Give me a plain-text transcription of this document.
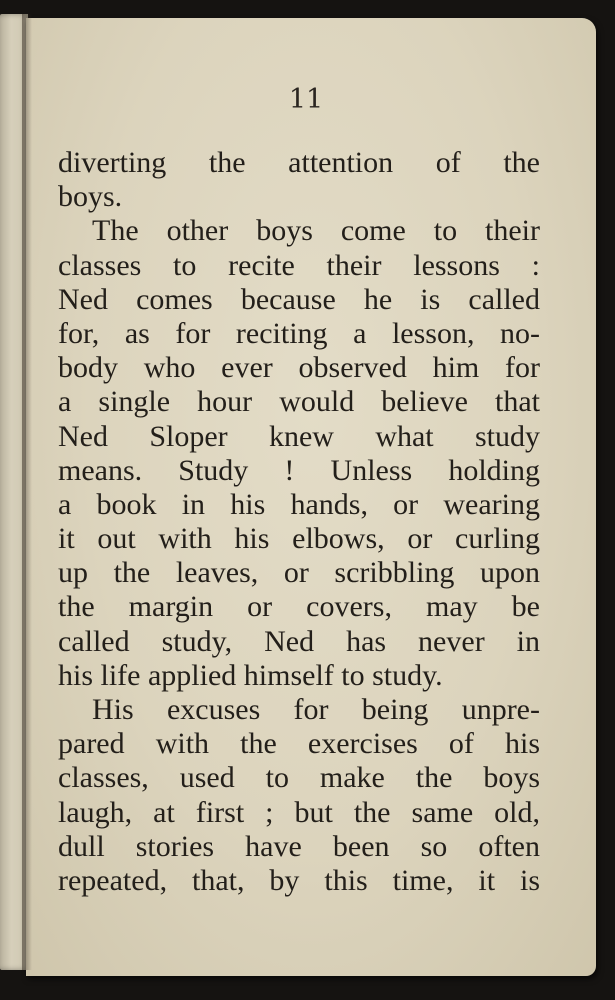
11
diverting the attention of the
boys.
The other boys come to their
classes to recite their lessons :
Ned comes because he is called
for, as for reciting a lesson, no-
body who ever observed him for
a single hour would believe that
Ned Sloper knew what study
means. Study ! Unless holding
a book in his hands, or wearing
it out with his elbows, or curling
up the leaves, or scribbling upon
the margin or covers, may be
called study, Ned has never in
his life applied himself to study.
His excuses for being unpre-
pared with the exercises of his
classes, used to make the boys
laugh, at first ; but the same old,
dull stories have been so often
repeated, that, by this time, it is
